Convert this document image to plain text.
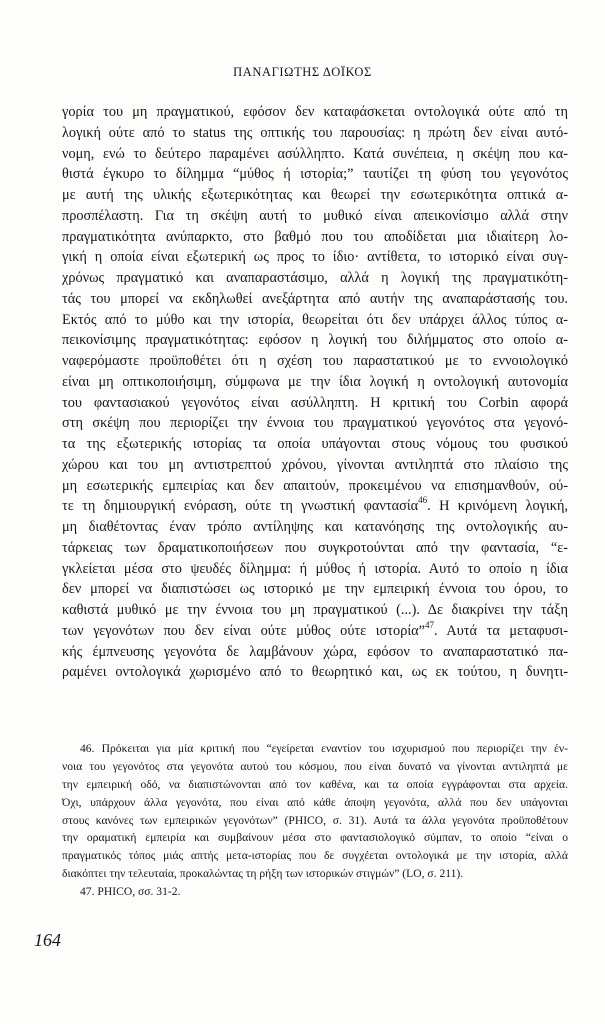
ΠΑΝΑΓΙΩΤΗΣ ΔΟΪΚΟΣ
γορία του μη πραγματικού, εφόσον δεν καταφάσκεται οντολογικά ούτε από τη
λογική ούτε από το status της οπτικής του παρουσίας: η πρώτη δεν είναι αυτό-
νομη, ενώ το δεύτερο παραμένει ασύλληπτο. Κατά συνέπεια, η σκέψη που κα-
θιστά έγκυρο το δίλημμα “μύθος ή ιστορία;” ταυτίζει τη φύση του γεγονότος
με αυτή της υλικής εξωτερικότητας και θεωρεί την εσωτερικότητα οπτικά α-
προσπέλαστη. Για τη σκέψη αυτή το μυθικό είναι απεικονίσιμο αλλά στην
πραγματικότητα ανύπαρκτο, στο βαθμό που του αποδίδεται μια ιδιαίτερη λο-
γική η οποία είναι εξωτερική ως προς το ίδιο· αντίθετα, το ιστορικό είναι συγ-
χρόνως πραγματικό και αναπαραστάσιμο, αλλά η λογική της πραγματικότη-
τάς του μπορεί να εκδηλωθεί ανεξάρτητα από αυτήν της αναπαράστασής του.
Εκτός από το μύθο και την ιστορία, θεωρείται ότι δεν υπάρχει άλλος τύπος α-
πεικονίσιμης πραγματικότητας: εφόσον η λογική του διλήμματος στο οποίο α-
ναφερόμαστε προϋποθέτει ότι η σχέση του παραστατικού με το εννοιολογικό
είναι μη οπτικοποιήσιμη, σύμφωνα με την ίδια λογική η οντολογική αυτονομία
του φαντασιακού γεγονότος είναι ασύλληπτη. Η κριτική του Corbin αφορά
στη σκέψη που περιορίζει την έννοια του πραγματικού γεγονότος στα γεγονό-
τα της εξωτερικής ιστορίας τα οποία υπάγονται στους νόμους του φυσικού
χώρου και του μη αντιστρεπτού χρόνου, γίνονται αντιληπτά στο πλαίσιο της
μη εσωτερικής εμπειρίας και δεν απαιτούν, προκειμένου να επισημανθούν, ού-
τε τη δημιουργική ενόραση, ούτε τη γνωστική φαντασία$^{46}$. Η κρινόμενη λογική,
μη διαθέτοντας έναν τρόπο αντίληψης και κατανόησης της οντολογικής αυ-
τάρκειας των δραματικοποιήσεων που συγκροτούνται από την φαντασία, “ε-
γκλείεται μέσα στο ψευδές δίλημμα: ή μύθος ή ιστορία. Αυτό το οποίο η ίδια
δεν μπορεί να διαπιστώσει ως ιστορικό με την εμπειρική έννοια του όρου, το
καθιστά μυθικό με την έννοια του μη πραγματικού (...). Δε διακρίνει την τάξη
των γεγονότων που δεν είναι ούτε μύθος ούτε ιστορία”$^{47}$. Αυτά τα μεταφυσι-
κής έμπνευσης γεγονότα δε λαμβάνουν χώρα, εφόσον το αναπαραστατικό πα-
ραμένει οντολογικά χωρισμένο από το θεωρητικό και, ως εκ τούτου, η δυνητι-
46. Πρόκειται για μία κριτική που “εγείρεται εναντίον του ισχυρισμού που περιορίζει την έν-
νοια του γεγονότος στα γεγονότα αυτού του κόσμου, που είναι δυνατό να γίνονται αντιληπτά με
την εμπειρική οδό, να διαπιστώνονται από τον καθένα, και τα οποία εγγράφονται στα αρχεία.
Όχι, υπάρχουν άλλα γεγονότα, που είναι από κάθε άποψη γεγονότα, αλλά που δεν υπάγονται
στους κανόνες των εμπειρικών γεγονότων” (PHICO, σ. 31). Αυτά τα άλλα γεγονότα προϋποθέτουν
την οραματική εμπειρία και συμβαίνουν μέσα στο φαντασιολογικό σύμπαν, το οποίο “είναι ο
πραγματικός τόπος μιάς απτής μετα-ιστορίας που δε συγχέεται οντολογικά με την ιστορία, αλλά
διακόπτει την τελευταία, προκαλώντας τη ρήξη των ιστορικών στιγμών” (LO, σ. 211).
47. PHICO, σσ. 31-2.
164
